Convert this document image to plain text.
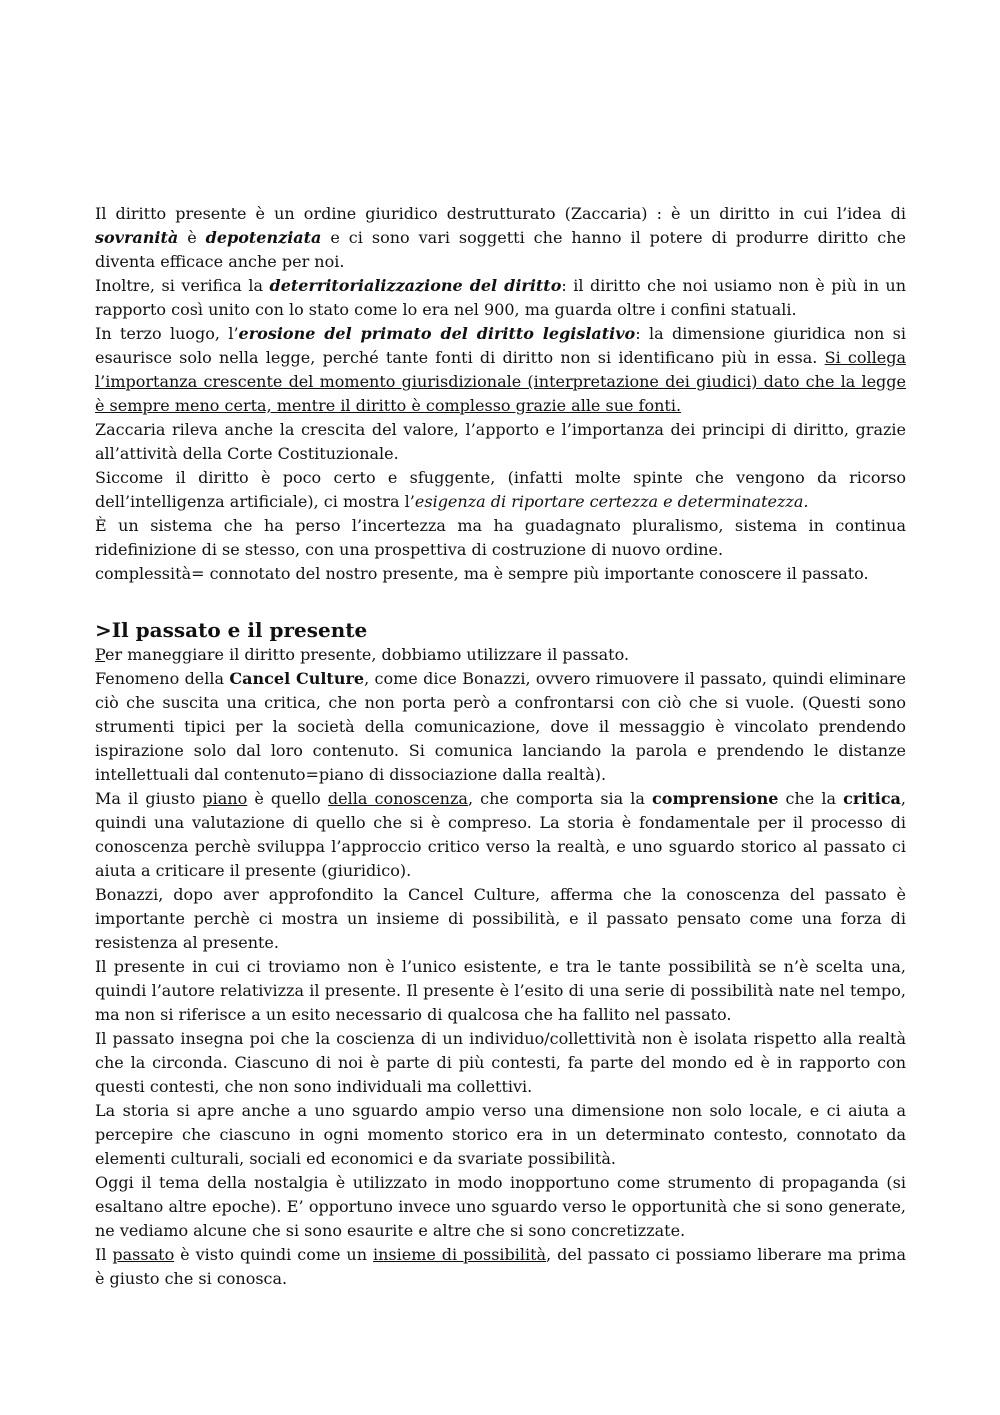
Il diritto presente è un ordine giuridico destrutturato (Zaccaria) : è un diritto in cui l’idea di sovranità è depotenziata e ci sono vari soggetti che hanno il potere di produrre diritto che diventa efficace anche per noi.

Inoltre, si verifica la deterritorializzazione del diritto: il diritto che noi usiamo non è più in un rapporto così unito con lo stato come lo era nel 900, ma guarda oltre i confini statuali.

In terzo luogo, l’erosione del primato del diritto legislativo: la dimensione giuridica non si esaurisce solo nella legge, perché tante fonti di diritto non si identificano più in essa. Si collega l’importanza crescente del momento giurisdizionale (interpretazione dei giudici) dato che la legge è sempre meno certa, mentre il diritto è complesso grazie alle sue fonti.

Zaccaria rileva anche la crescita del valore, l’apporto e l’importanza dei principi di diritto, grazie all’attività della Corte Costituzionale.

Siccome il diritto è poco certo e sfuggente, (infatti molte spinte che vengono da ricorso dell’intelligenza artificiale), ci mostra l’esigenza di riportare certezza e determinatezza.

È un sistema che ha perso l’incertezza ma ha guadagnato pluralismo, sistema in continua ridefinizione di se stesso, con una prospettiva di costruzione di nuovo ordine.

complessità= connotato del nostro presente, ma è sempre più importante conoscere il passato.

>Il passato e il presente

Per maneggiare il diritto presente, dobbiamo utilizzare il passato.

Fenomeno della Cancel Culture, come dice Bonazzi, ovvero rimuovere il passato, quindi eliminare ciò che suscita una critica, che non porta però a confrontarsi con ciò che si vuole. (Questi sono strumenti tipici per la società della comunicazione, dove il messaggio è vincolato prendendo ispirazione solo dal loro contenuto. Si comunica lanciando la parola e prendendo le distanze intellettuali dal contenuto=piano di dissociazione dalla realtà).

Ma il giusto piano è quello della conoscenza, che comporta sia la comprensione che la critica, quindi una valutazione di quello che si è compreso. La storia è fondamentale per il processo di conoscenza perchè sviluppa l’approccio critico verso la realtà, e uno sguardo storico al passato ci aiuta a criticare il presente (giuridico).

Bonazzi, dopo aver approfondito la Cancel Culture, afferma che la conoscenza del passato è importante perchè ci mostra un insieme di possibilità, e il passato pensato come una forza di resistenza al presente.

Il presente in cui ci troviamo non è l’unico esistente, e tra le tante possibilità se n’è scelta una, quindi l’autore relativizza il presente. Il presente è l’esito di una serie di possibilità nate nel tempo, ma non si riferisce a un esito necessario di qualcosa che ha fallito nel passato.

Il passato insegna poi che la coscienza di un individuo/collettività non è isolata rispetto alla realtà che la circonda. Ciascuno di noi è parte di più contesti, fa parte del mondo ed è in rapporto con questi contesti, che non sono individuali ma collettivi.

La storia si apre anche a uno sguardo ampio verso una dimensione non solo locale, e ci aiuta a percepire che ciascuno in ogni momento storico era in un determinato contesto, connotato da elementi culturali, sociali ed economici e da svariate possibilità.

Oggi il tema della nostalgia è utilizzato in modo inopportuno come strumento di propaganda (si esaltano altre epoche). E’ opportuno invece uno sguardo verso le opportunità che si sono generate, ne vediamo alcune che si sono esaurite e altre che si sono concretizzate.

Il passato è visto quindi come un insieme di possibilità, del passato ci possiamo liberare ma prima è giusto che si conosca.
